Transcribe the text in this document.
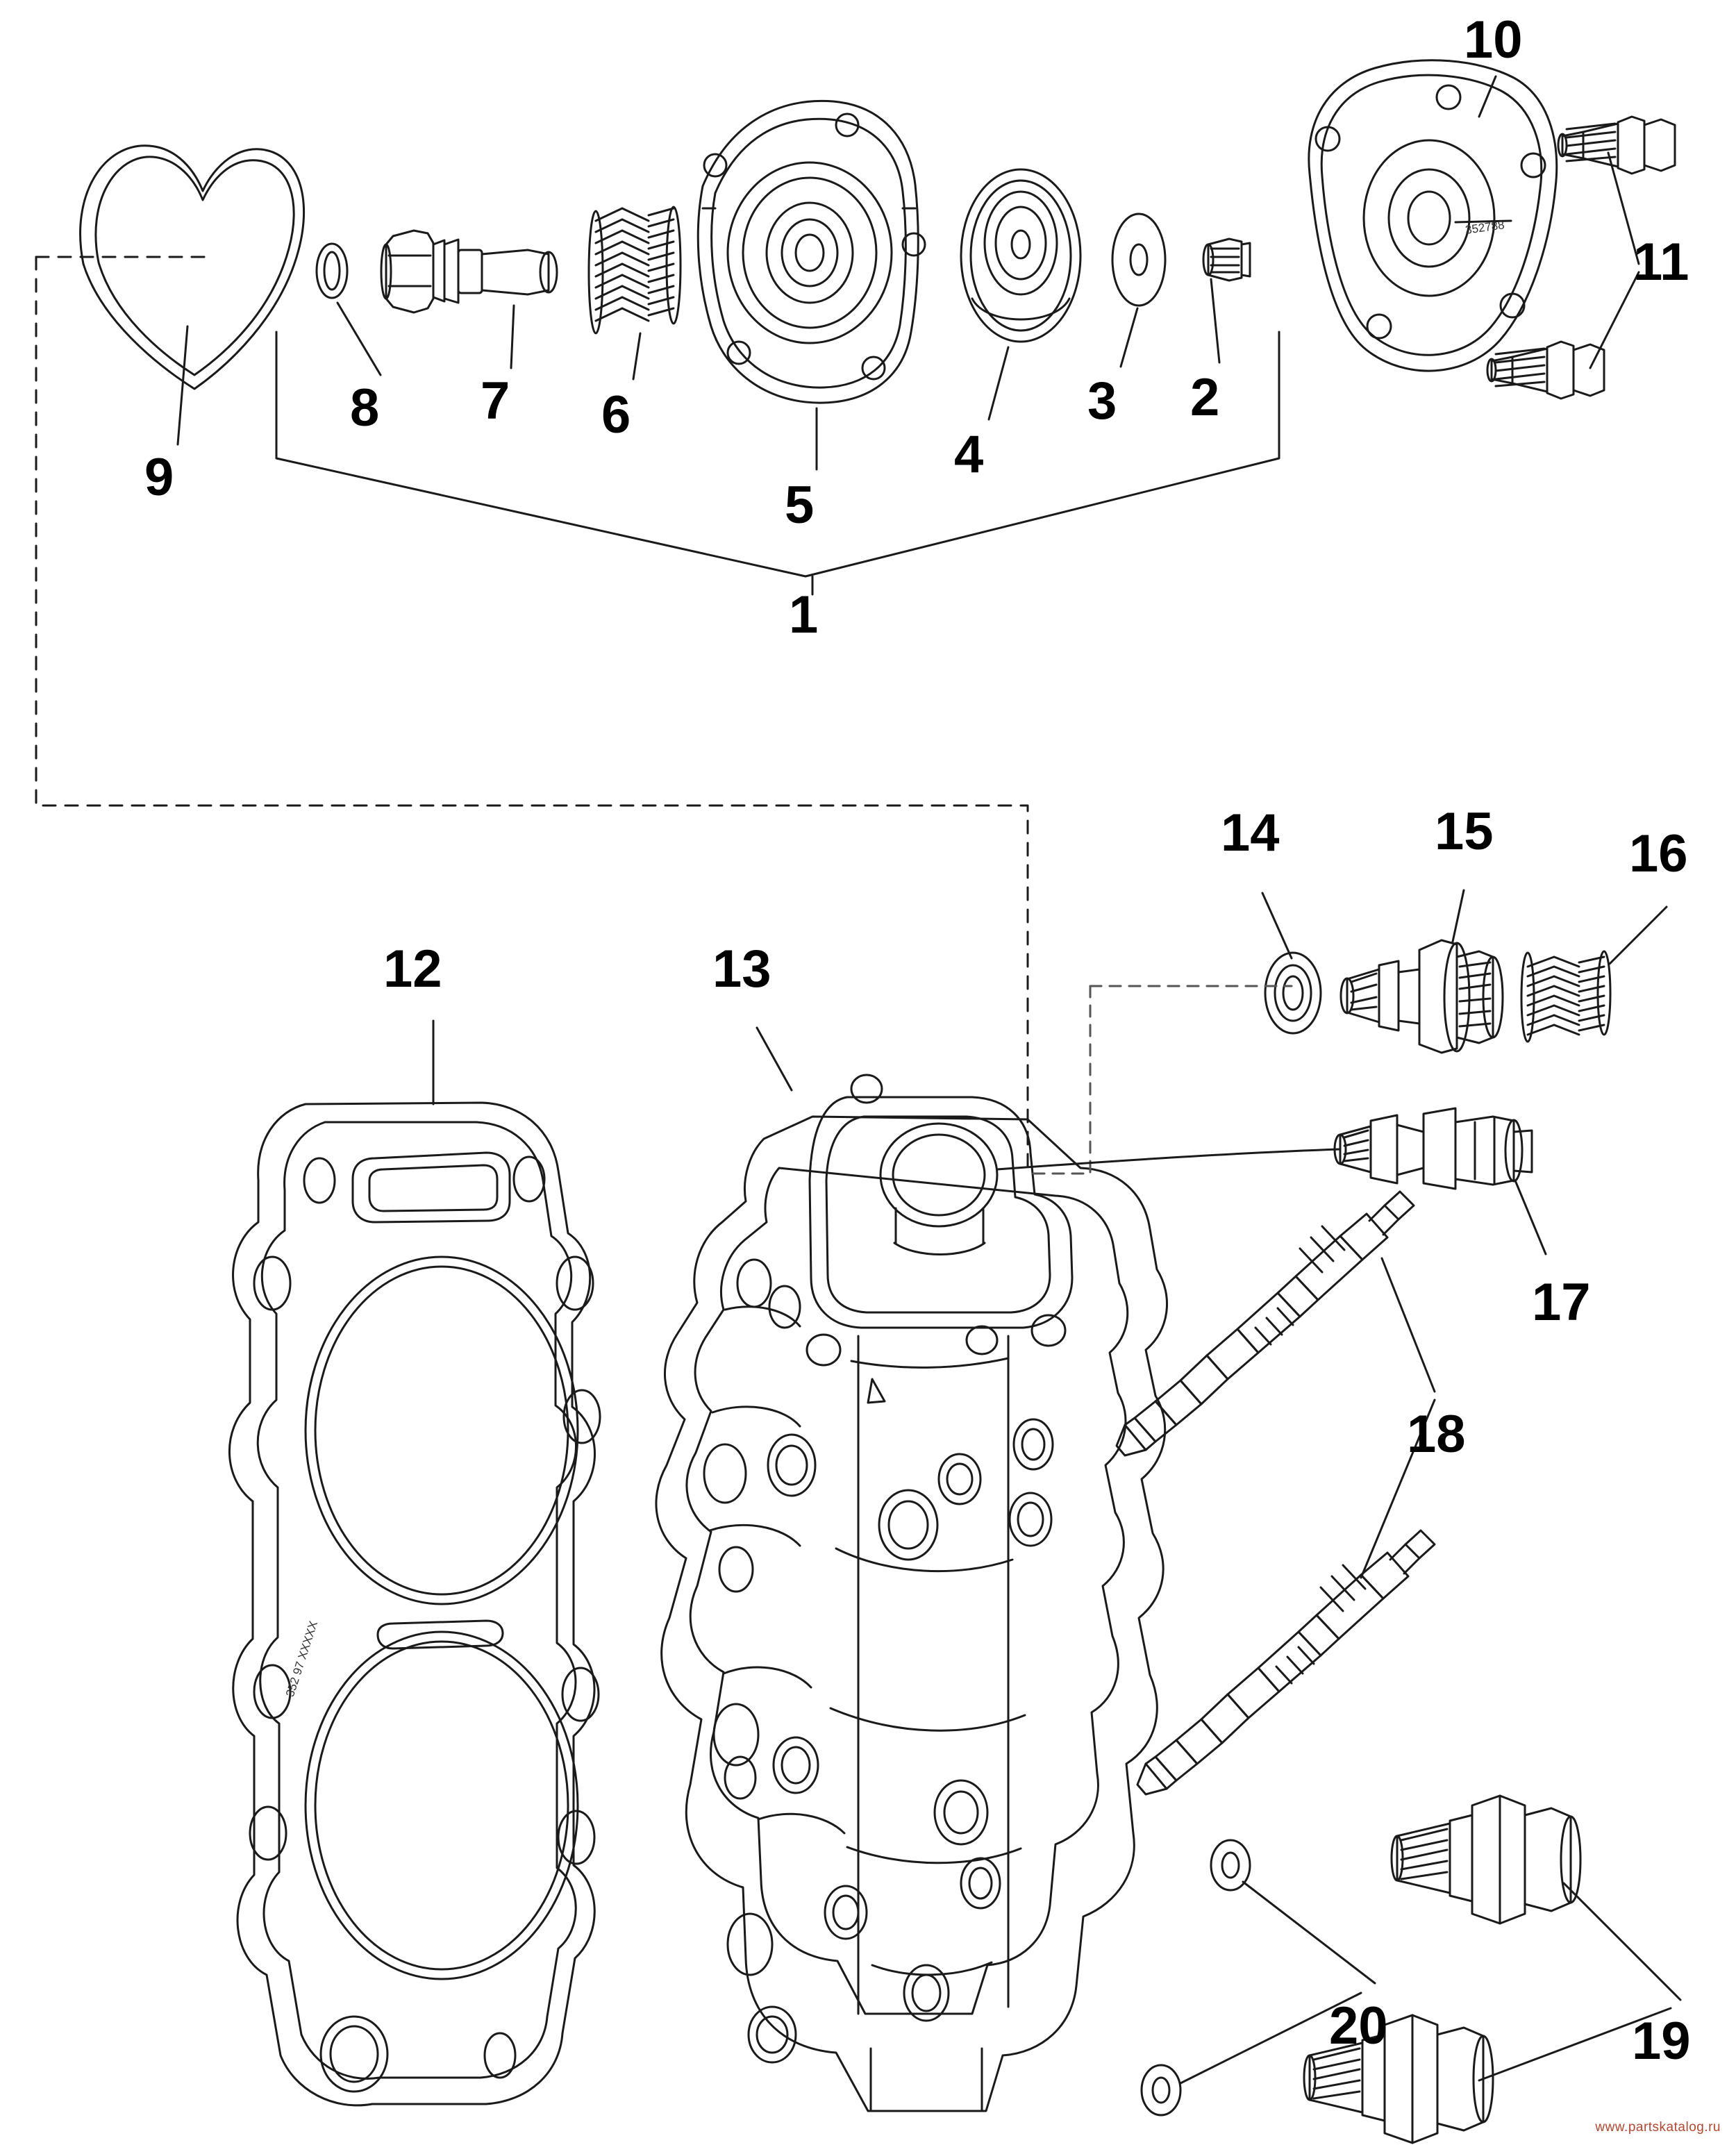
1
2
3
4
5
6
7
8
9
10
11
12	13
14	15	16
17
18
19
20
352788
352 97 XXXXX
www.partskatalog.ru
